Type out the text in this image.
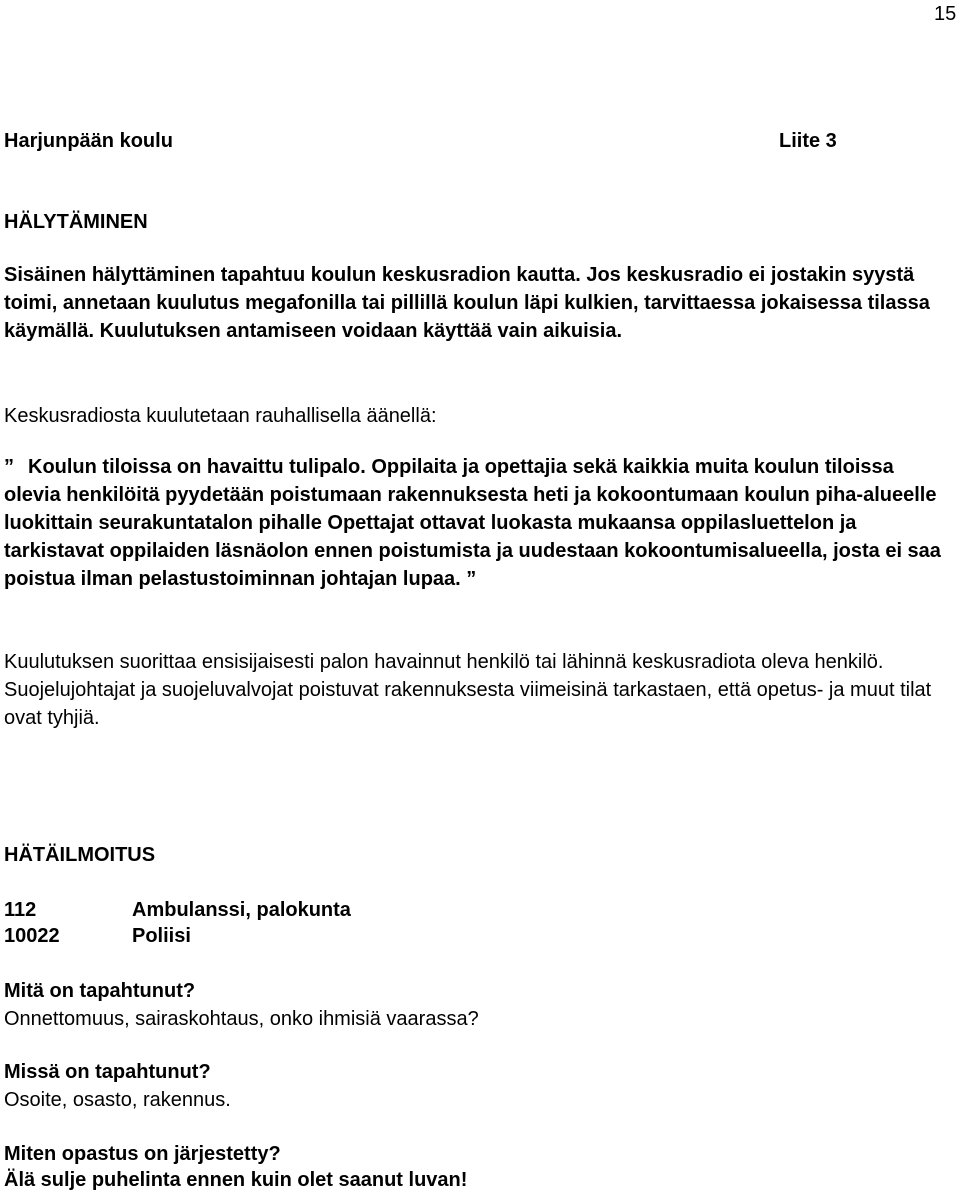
15
Harjunpään koulu	Liite 3
HÄLYTÄMINEN
Sisäinen hälyttäminen tapahtuu koulun keskusradion kautta. Jos keskusradio ei jostakin syystä toimi, annetaan kuulutus megafonilla tai pillillä koulun läpi kulkien, tarvittaessa jokaisessa tilassa käymällä. Kuulutuksen antamiseen voidaan käyttää vain aikuisia.
Keskusradiosta kuulutetaan rauhallisella äänellä:
” Koulun tiloissa on havaittu tulipalo. Oppilaita ja opettajia sekä kaikkia muita koulun tiloissa olevia henkilöitä pyydetään poistumaan rakennuksesta heti ja kokoontumaan koulun piha-alueelle luokittain seurakuntatalon pihalle Opettajat ottavat luokasta mukaansa oppilasluettelon ja tarkistavat oppilaiden läsnäolon ennen poistumista ja uudestaan kokoontumisalueella, josta ei saa poistua ilman pelastustoiminnan johtajan lupaa. ”
Kuulutuksen suorittaa ensisijaisesti palon havainnut henkilö tai lähinnä keskusradiota oleva henkilö. Suojelujohtajat ja suojeluvalvojat poistuvat rakennuksesta viimeisinä tarkastaen, että opetus- ja muut tilat ovat tyhjiä.
HÄTÄILMOITUS
112	Ambulanssi, palokunta
10022	Poliisi
Mitä on tapahtunut?
Onnettomuus, sairaskohtaus, onko ihmisiä vaarassa?
Missä on tapahtunut?
Osoite, osasto, rakennus.
Miten opastus on järjestetty?
Älä sulje puhelinta ennen kuin olet saanut luvan!
